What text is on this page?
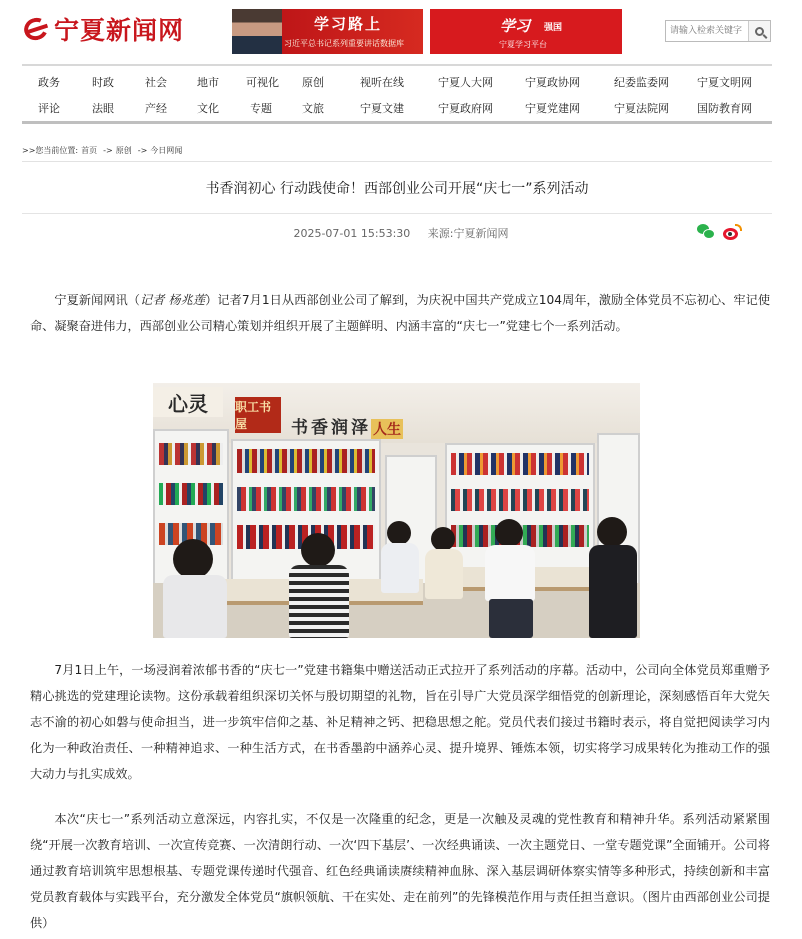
宁夏新闻网	学习路上
习近平总书记系列重要讲话数据库
学习 强国
宁夏学习平台
请输入检索关键字
政务	时政	社会	地市 可视化 原创	视听在线	宁夏人大网	宁夏政协网	纪委监委网	宁夏文明网
评论	法眼	产经	文化	专题	文旅	宁夏文建	宁夏政府网	宁夏党建网	宁夏法院网	国防教育网
>>您当前位置: 首页 -> 原创 -> 今日网闻
书香润初心 行动践使命！西部创业公司开展“庆七一”系列活动
2025-07-01 15:53:30 来源:宁夏新闻网

宁夏新闻网讯（记者 杨兆莲）记者7月1日从西部创业公司了解到，为庆祝中国共产党成立104周年，激励全体党员不忘初心、牢记使命、凝聚奋进伟力，西部创业公司精心策划并组织开展了主题鲜明、内涵丰富的“庆七一”党建七个一系列活动。

心灵	职工书屋	书香润泽 人生

7月1日上午，一场浸润着浓郁书香的“庆七一”党建书籍集中赠送活动正式拉开了系列活动的序幕。活动中，公司向全体党员郑重赠予精心挑选的党建理论读物。这份承载着组织深切关怀与殷切期望的礼物，旨在引导广大党员深学细悟党的创新理论，深刻感悟百年大党矢志不渝的初心如磐与使命担当，进一步筑牢信仰之基、补足精神之钙、把稳思想之舵。党员代表们接过书籍时表示，将自觉把阅读学习内化为一种政治责任、一种精神追求、一种生活方式，在书香墨韵中涵养心灵、提升境界、锤炼本领，切实将学习成果转化为推动工作的强大动力与扎实成效。

本次“庆七一”系列活动立意深远，内容扎实，不仅是一次隆重的纪念，更是一次触及灵魂的党性教育和精神升华。系列活动紧紧围绕“开展一次教育培训、一次宣传竞赛、一次清朗行动、一次‘四下基层’、一次经典诵读、一次主题党日、一堂专题党课”全面铺开。公司将通过教育培训筑牢思想根基、专题党课传递时代强音、红色经典诵读赓续精神血脉、深入基层调研体察实情等多种形式，持续创新和丰富党员教育载体与实践平台，充分激发全体党员“旗帜领航、干在实处、走在前列”的先锋模范作用与责任担当意识。（图片由西部创业公司提供）
